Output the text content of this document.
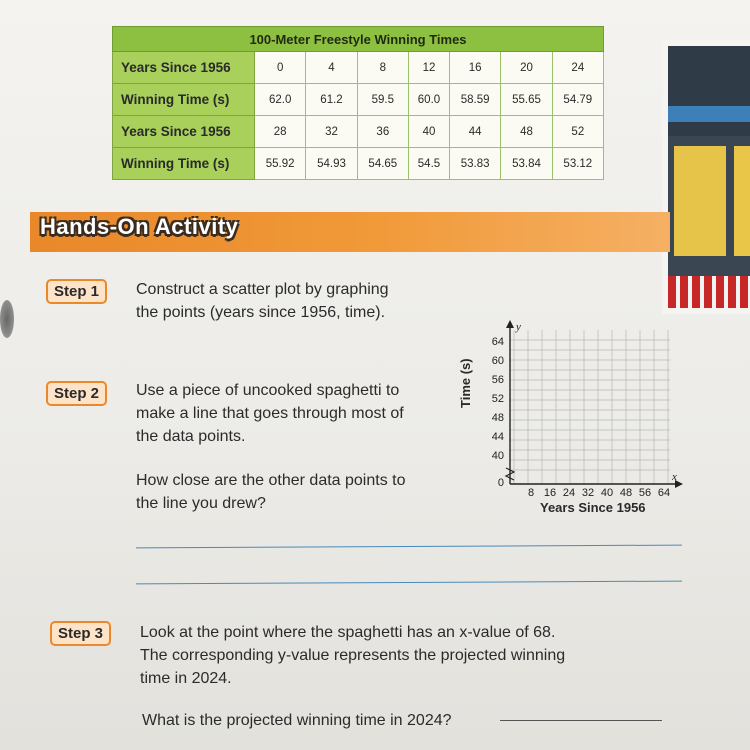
100-Meter Freestyle Winning Times							
Years Since 1956	0	4	8	12	16	20	24
Winning Time (s)	62.0	61.2	59.5	60.0	58.59	55.65	54.79
Years Since 1956	28	32	36	40	44	48	52
Winning Time (s)	55.92	54.93	54.65	54.5	53.83	53.84	53.12
Hands-On Activity
Step 1	Construct a scatter plot by graphing
the points (years since 1956, time).
Step 2	Use a piece of uncooked spaghetti to
make a line that goes through most of
the data points.
How close are the other data points to
the line you drew?
Step 3	Look at the point where the spaghetti has an x-value of 68.
The corresponding y-value represents the projected winning
time in 2024.
What is the projected winning time in 2024?
Time (s)
64
60
56
52
48
44
40
0
8 16 24 32 40 48 56 64
y
x
Years Since 1956
